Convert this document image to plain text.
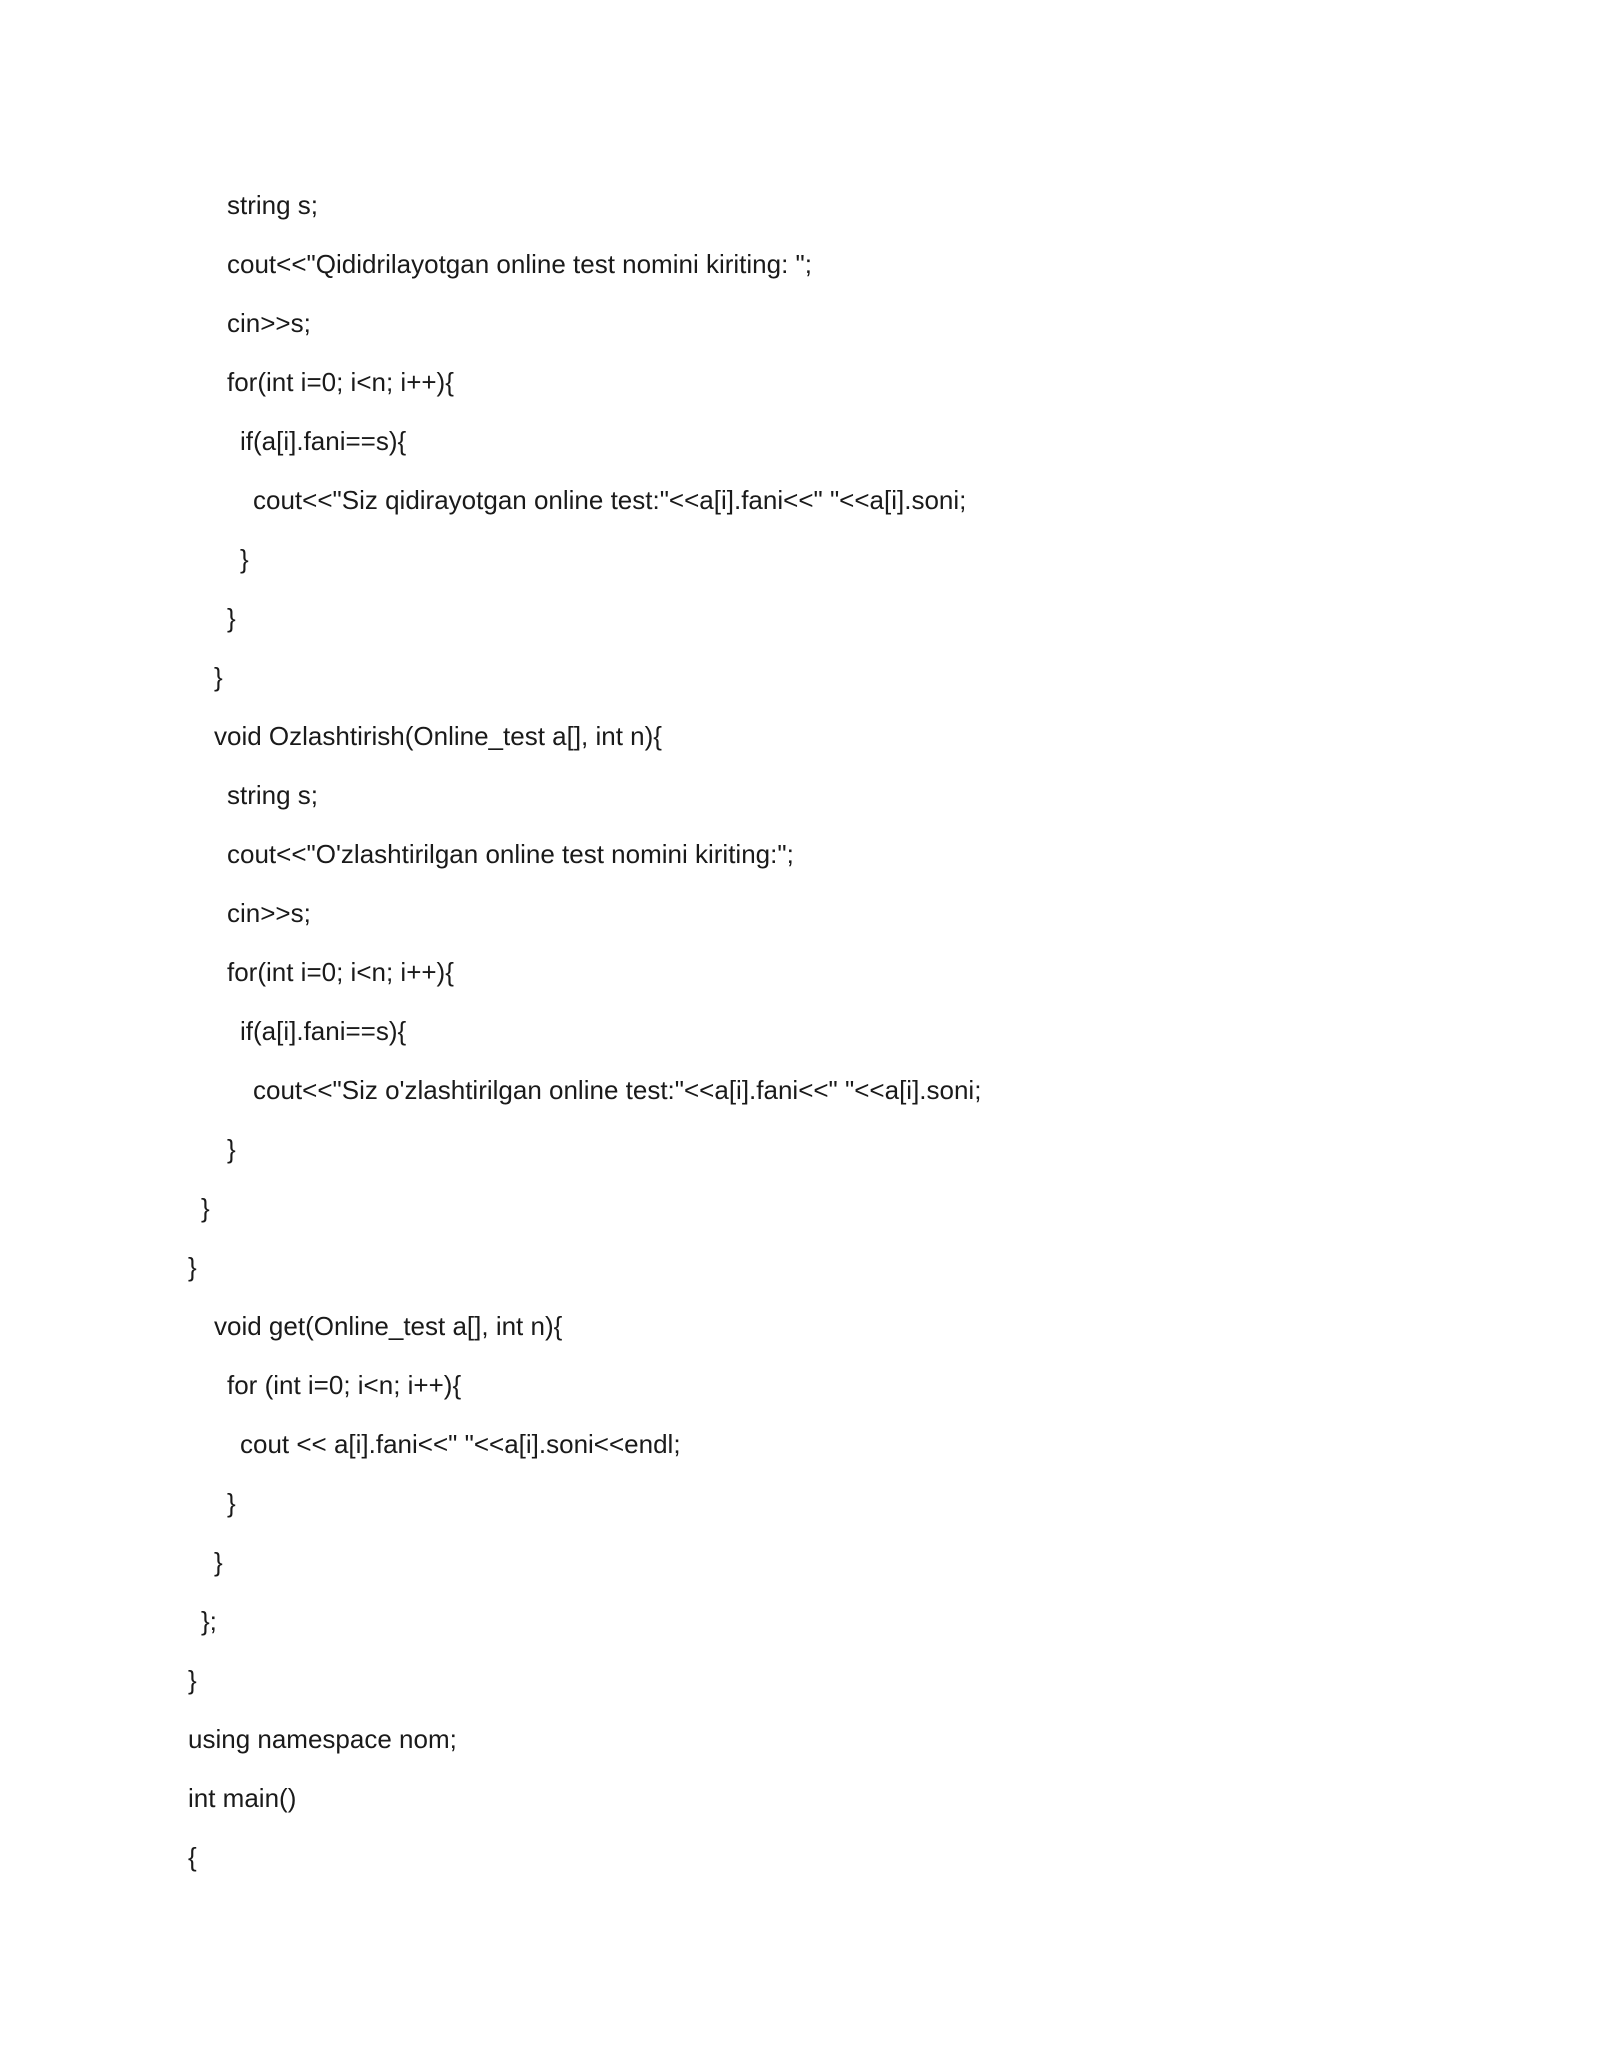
string s;
cout<<"Qididrilayotgan online test nomini kiriting: ";
cin>>s;
for(int i=0; i<n; i++){
if(a[i].fani==s){
cout<<"Siz qidirayotgan online test:"<<a[i].fani<<" "<<a[i].soni;
}
}
}
void Ozlashtirish(Online_test a[], int n){
string s;
cout<<"O'zlashtirilgan online test nomini kiriting:";
cin>>s;
for(int i=0; i<n; i++){
if(a[i].fani==s){
cout<<"Siz o'zlashtirilgan online test:"<<a[i].fani<<" "<<a[i].soni;
}
}
}
void get(Online_test a[], int n){
for (int i=0; i<n; i++){
cout << a[i].fani<<" "<<a[i].soni<<endl;
}
}
};
}
using namespace nom;
int main()
{
